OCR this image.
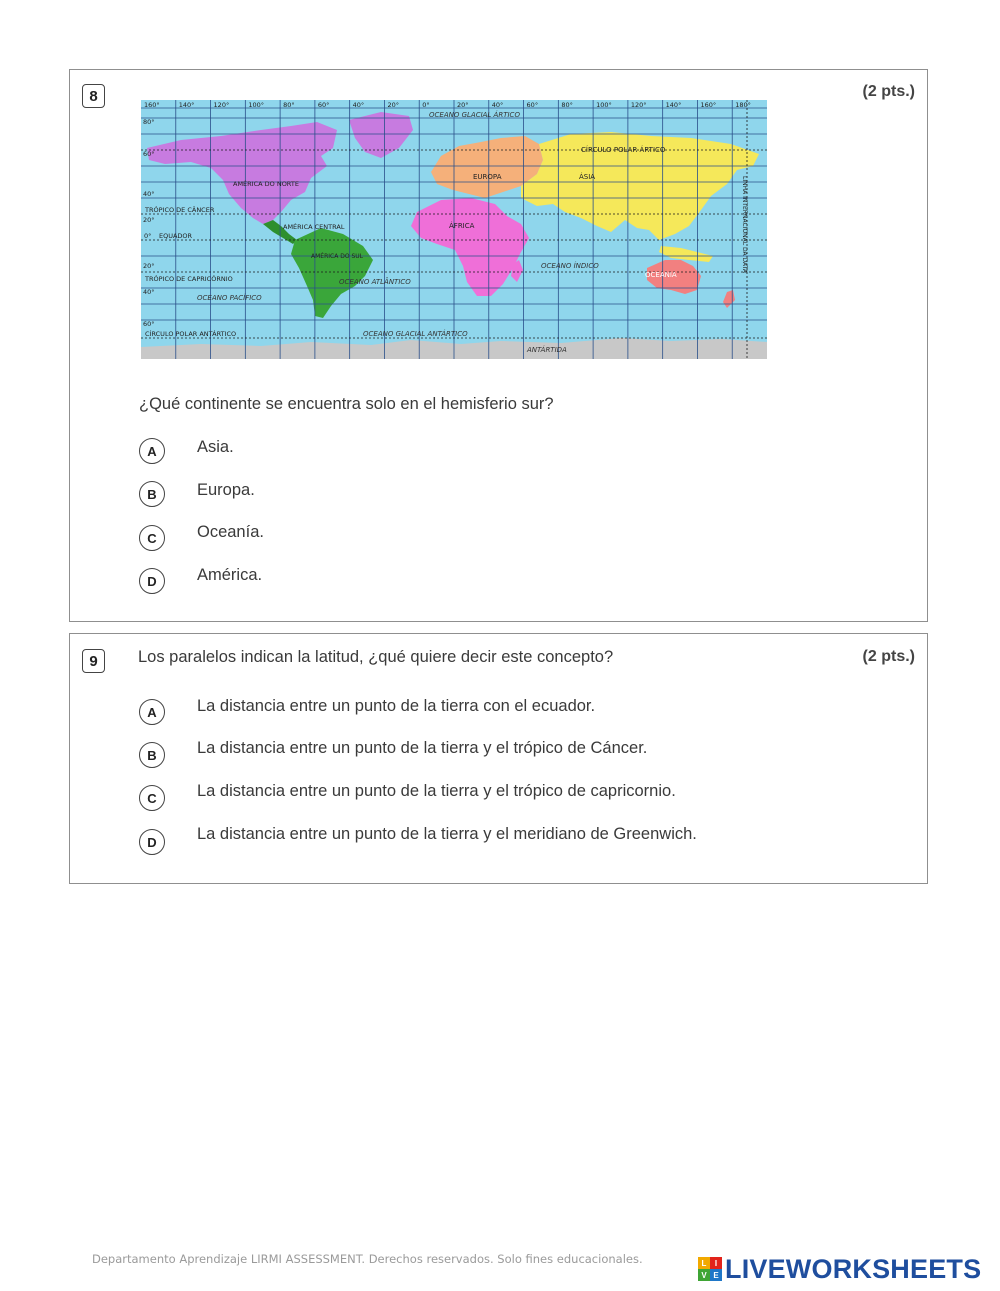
8	(2 pts.)
160°	140°	120°	100°	80°	60°	40°	20°	0°	20°	40°	60°	80°	100°	120°	140°	160°	180°
80°
60°
40°
20°
20°
40°
60°
OCEANO GLACIAL ÁRTICO
CÍRCULO POLAR ÁRTICO
AMÉRICA DO NORTE
EUROPA	ÁSIA
TRÓPICO DE CÂNCER
AMÉRICA CENTRAL	ÁFRICA
0° EQUADOR
AMÉRICA DO SUL
OCEANO ÍNDICO
OCEANIA
TRÓPICO DE CAPRICÓRNIO	OCEANO ATLÂNTICO
OCEANO PACÍFICO
CÍRCULO POLAR ANTÁRTICO	OCEANO GLACIAL ANTÁRTICO
ANTÁRTIDA
LINHA INTERNACIONAL DA DATA
¿Qué continente se encuentra solo en el hemisferio sur?
A	Asia.
B	Europa.
C	Oceanía.
D	América.
9	(2 pts.)
Los paralelos indican la latitud, ¿qué quiere decir este concepto?
A	La distancia entre un punto de la tierra con el ecuador.
B	La distancia entre un punto de la tierra y el trópico de Cáncer.
C	La distancia entre un punto de la tierra y el trópico de capricornio.
D	La distancia entre un punto de la tierra y el meridiano de Greenwich.
Departamento Aprendizaje LIRMI ASSESSMENT. Derechos reservados. Solo fines educacionales.	L	I
V E LIVEWORKSHEETS
